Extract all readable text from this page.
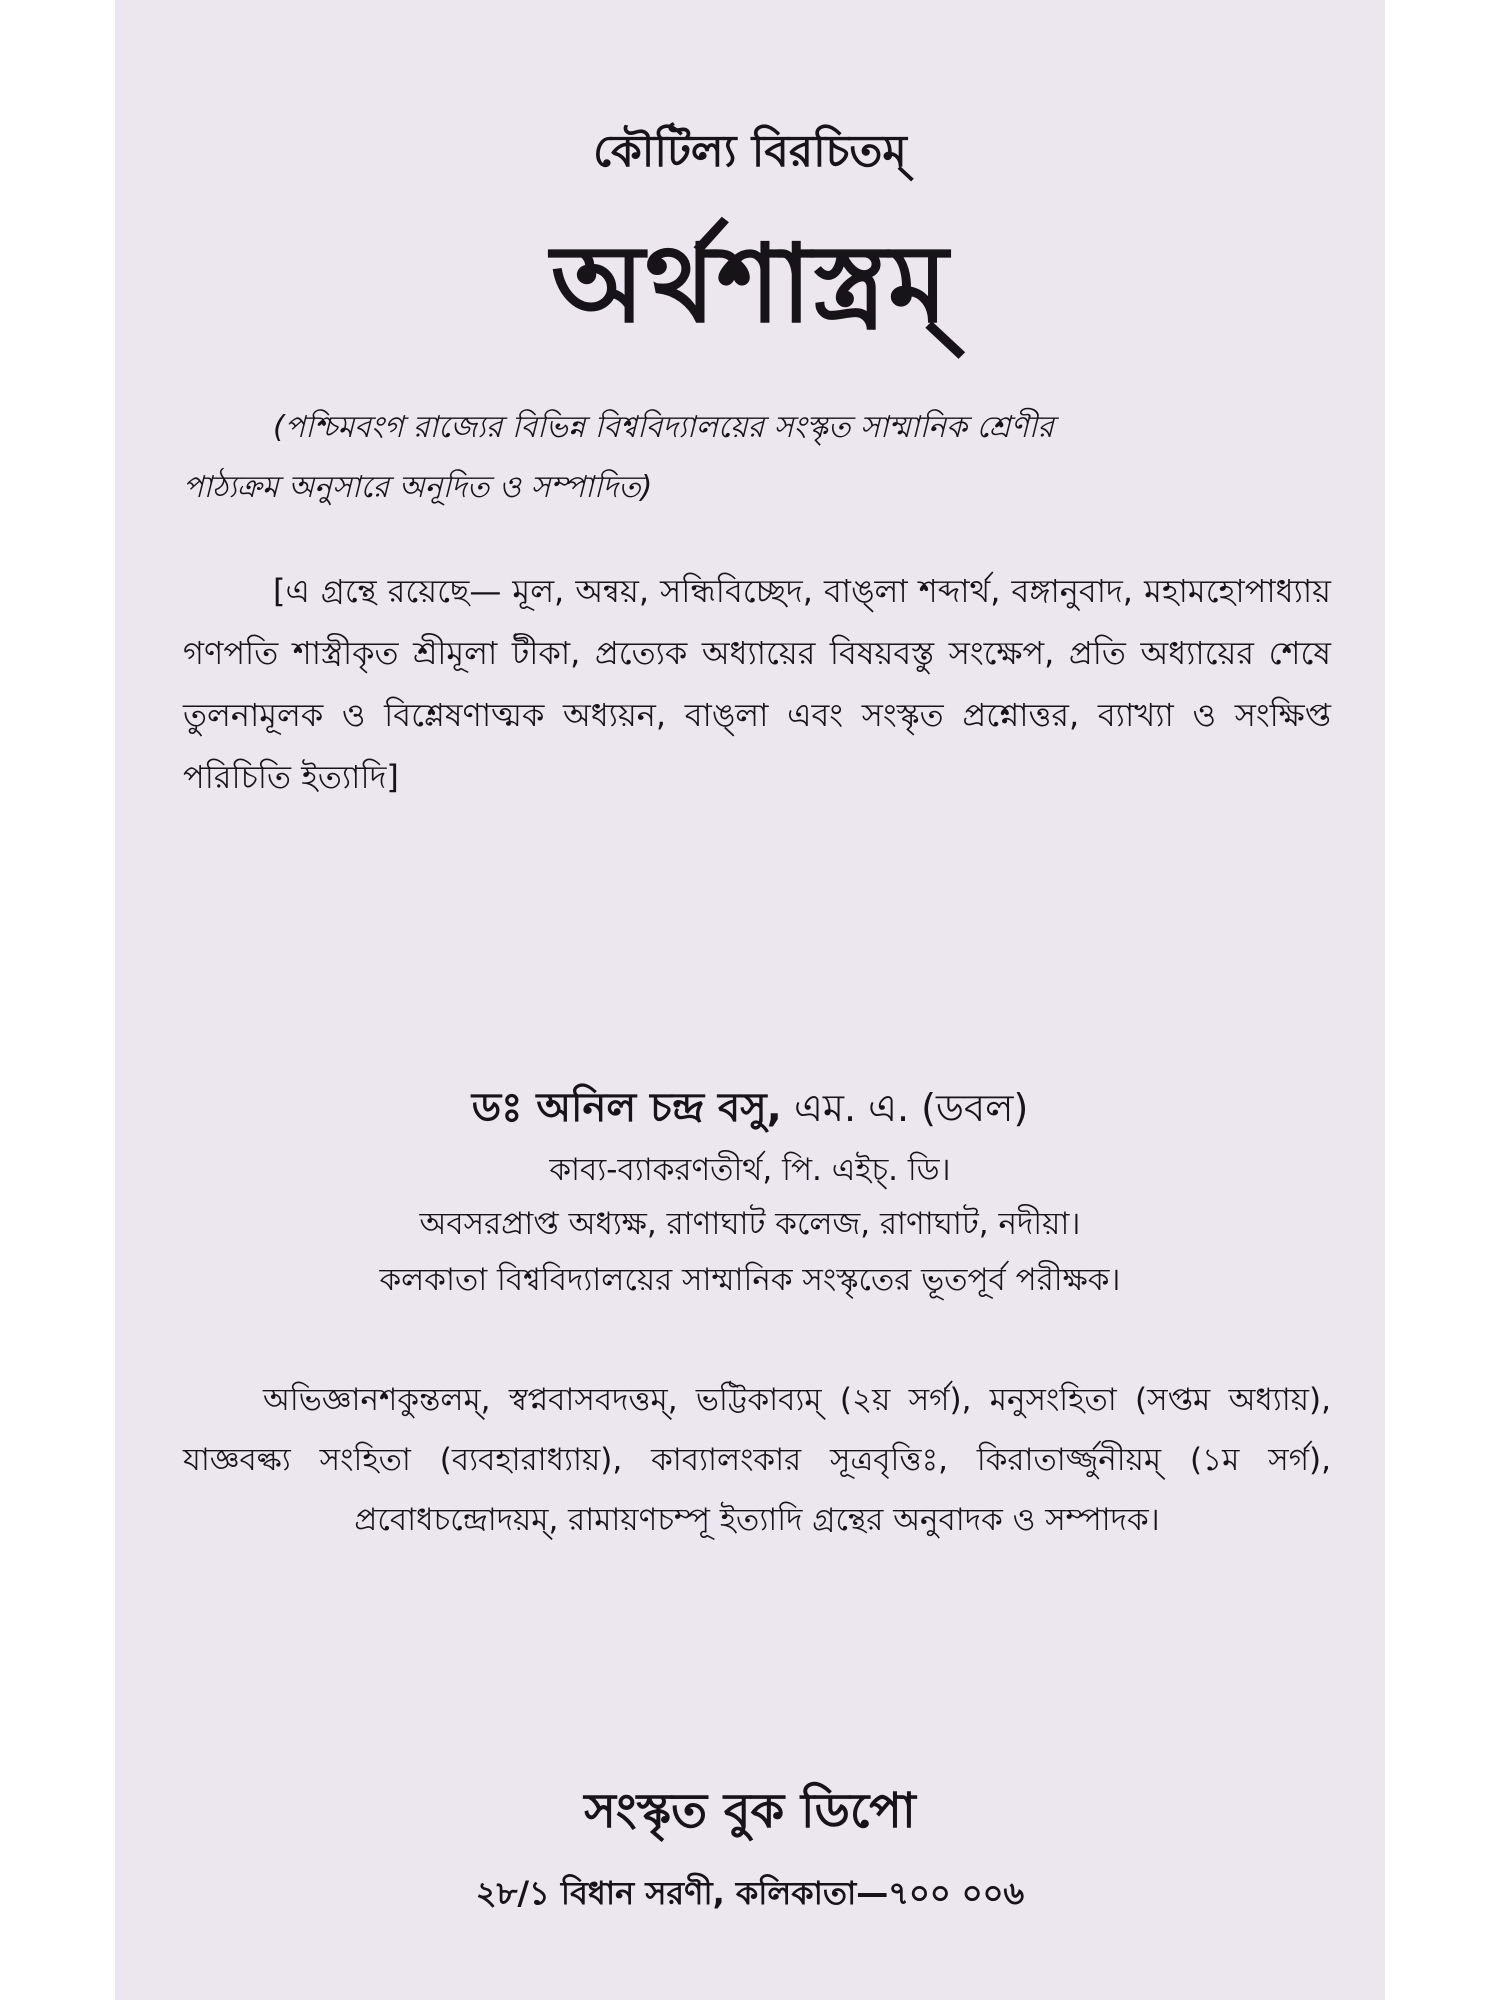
কৌটিল্য বিরচিতম্
অর্থশাস্ত্রম্
(পশ্চিমবংগ রাজ্যের বিভিন্ন বিশ্ববিদ্যালয়ের সংস্কৃত সাম্মানিক শ্রেণীর
পাঠ্যক্রম অনুসারে অনূদিত ও সম্পাদিত)
[এ গ্রন্থে রয়েছে— মূল, অন্বয়, সন্ধিবিচ্ছেদ, বাঙ্‌লা শব্দার্থ, বঙ্গানুবাদ, মহামহোপাধ্যায় গণপতি শাস্ত্রীকৃত শ্রীমূলা টীকা, প্রত্যেক অধ্যায়ের বিষয়বস্তু সংক্ষেপ, প্রতি অধ্যায়ের শেষে তুলনামূলক ও বিশ্লেষণাত্মক অধ্যয়ন, বাঙ্‌লা এবং সংস্কৃত প্রশ্নোত্তর, ব্যাখ্যা ও সংক্ষিপ্ত পরিচিতি ইত্যাদি]
ডঃ অনিল চন্দ্র বসু, এম. এ. (ডবল)
কাব্য-ব্যাকরণতীর্থ, পি. এইচ্. ডি।
অবসরপ্রাপ্ত অধ্যক্ষ, রাণাঘাট কলেজ, রাণাঘাট, নদীয়া।
কলকাতা বিশ্ববিদ্যালয়ের সাম্মানিক সংস্কৃতের ভূতপূর্ব পরীক্ষক।
অভিজ্ঞানশকুন্তলম্, স্বপ্নবাসবদত্তম্, ভট্টিকাব্যম্ (২য় সর্গ), মনুসংহিতা (সপ্তম অধ্যায়), যাজ্ঞবল্ক্য সংহিতা (ব্যবহারাধ্যায়), কাব্যালংকার সূত্রবৃত্তিঃ, কিরাতার্জ্জুনীয়ম্ (১ম সর্গ), প্রবোধচন্দ্রোদয়ম্, রামায়ণচম্পূ ইত্যাদি গ্রন্থের অনুবাদক ও সম্পাদক।
সংস্কৃত বুক ডিপো
২৮/১ বিধান সরণী, কলিকাতা—৭০০ ০০৬
